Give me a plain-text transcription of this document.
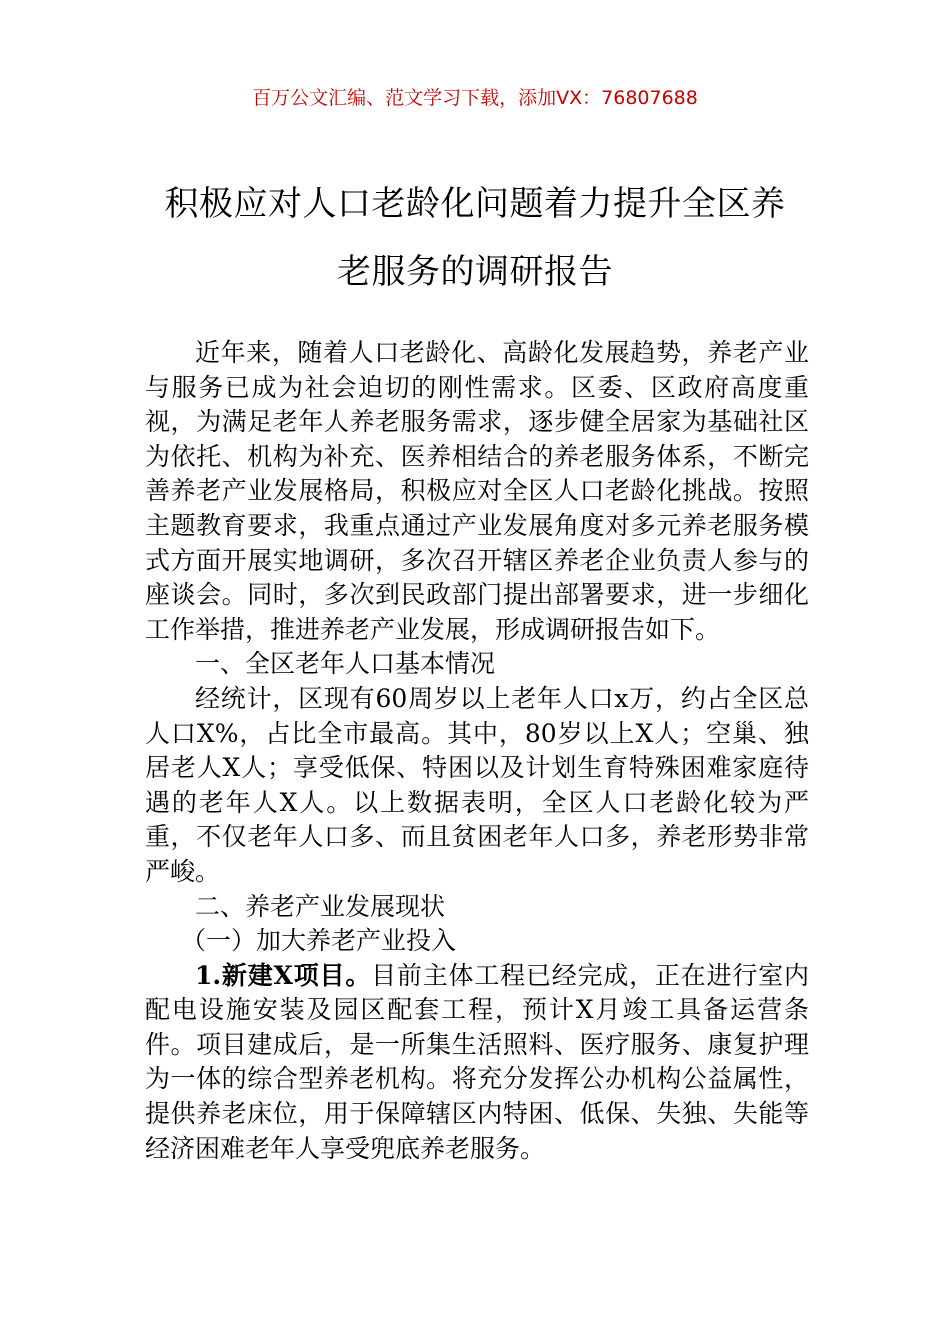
百万公文汇编、范文学习下载，添加VX：76807688
积极应对人口老龄化问题着力提升全区养
老服务的调研报告

近年来，随着人口老龄化、高龄化发展趋势，养老产业与服务已成为社会迫切的刚性需求。区委、区政府高度重视，为满足老年人养老服务需求，逐步健全居家为基础社区为依托、机构为补充、医养相结合的养老服务体系，不断完善养老产业发展格局，积极应对全区人口老龄化挑战。按照主题教育要求，我重点通过产业发展角度对多元养老服务模式方面开展实地调研，多次召开辖区养老企业负责人参与的座谈会。同时，多次到民政部门提出部署要求，进一步细化工作举措，推进养老产业发展，形成调研报告如下。

一、全区老年人口基本情况

经统计，区现有60周岁以上老年人口x万，约占全区总人口X%，占比全市最高。其中，80岁以上X人；空巢、独居老人X人；享受低保、特困以及计划生育特殊困难家庭待遇的老年人X人。以上数据表明，全区人口老龄化较为严重，不仅老年人口多、而且贫困老年人口多，养老形势非常严峻。

二、养老产业发展现状

（一）加大养老产业投入

1.新建X项目。目前主体工程已经完成，正在进行室内配电设施安装及园区配套工程，预计X月竣工具备运营条件。项目建成后，是一所集生活照料、医疗服务、康复护理为一体的综合型养老机构。将充分发挥公办机构公益属性，提供养老床位，用于保障辖区内特困、低保、失独、失能等经济困难老年人享受兜底养老服务。
